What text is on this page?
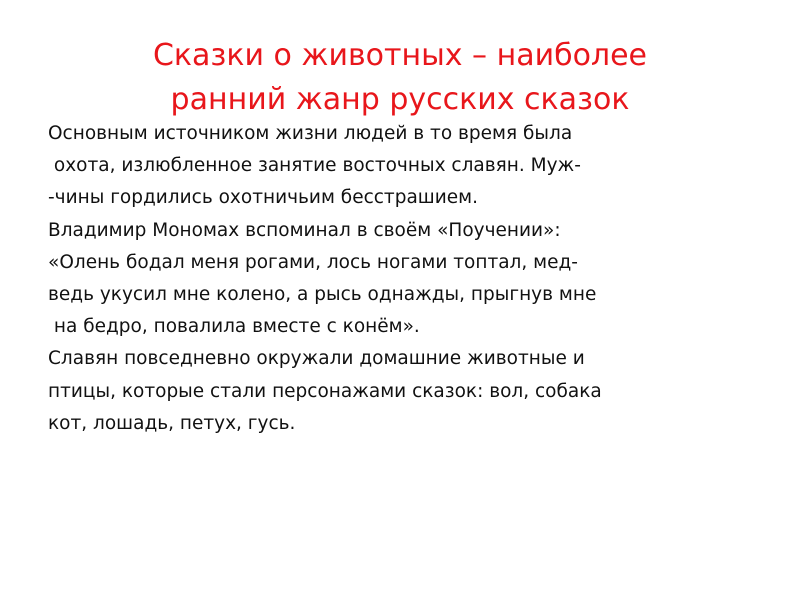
Сказки о животных – наиболее
ранний жанр русских сказок
Основным источником жизни людей в то время была
охота, излюбленное занятие восточных славян. Муж-
-чины гордились охотничьим бесстрашием.
Владимир Мономах вспоминал в своём «Поучении»:
«Олень бодал меня рогами, лось ногами топтал, мед-
ведь укусил мне колено, а рысь однажды, прыгнув мне
на бедро, повалила вместе с конём».
Славян повседневно окружали домашние животные и
птицы, которые стали персонажами сказок: вол, собака
кот, лошадь, петух, гусь.
